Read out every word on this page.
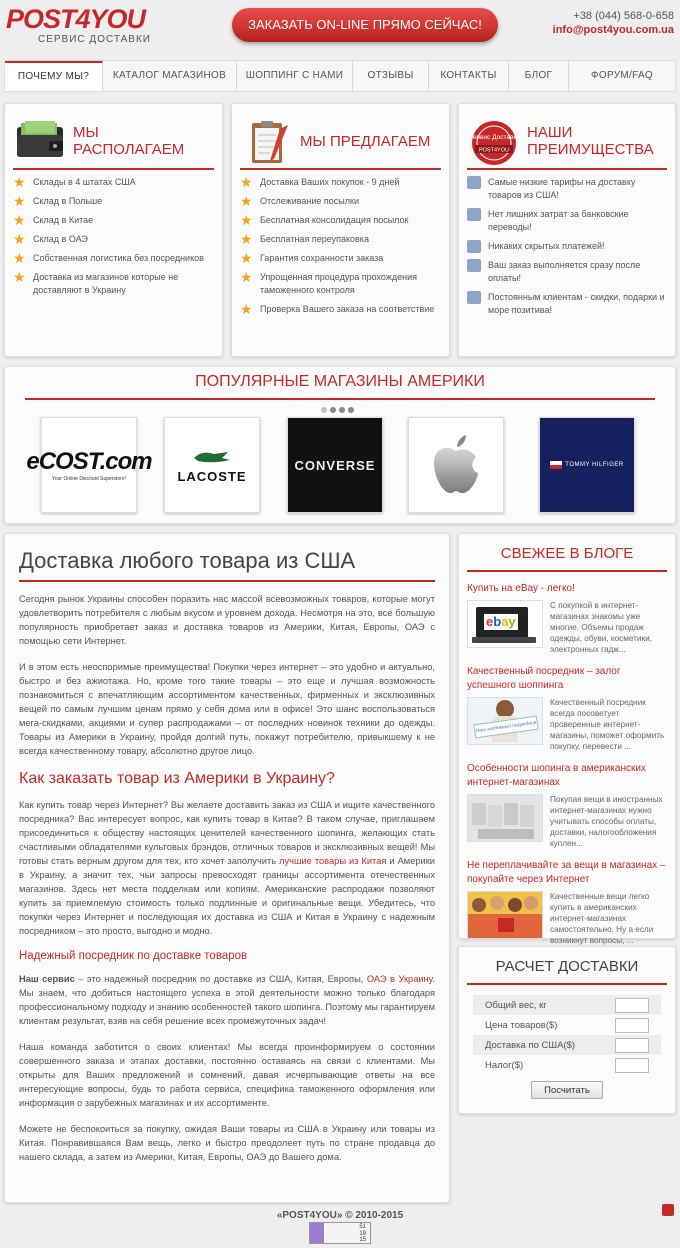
POST4YOU
СЕРВИС ДОСТАВКИ
ЗАКАЗАТЬ ON-LINE ПРЯМО СЕЙЧАС!
+38 (044) 568-0-658
info@post4you.com.ua
ПОЧЕМУ МЫ?	КАТАЛОГ МАГАЗИНОВ	ШОППИНГ С НАМИ	ОТЗЫВЫ	КОНТАКТЫ	БЛОГ	ФОРУМ/FAQ
МЫ РАСПОЛАГАЕМ
★ Склады в 4 штатах США
★ Склад в Польше
★ Склад в Китае
★ Склад в ОАЭ
★ Собственная логистика без посредников
★ Доставка из магазинов которые не доставляют в Украину
МЫ ПРЕДЛАГАЕМ
★ Доставка Ваших покупок - 9 дней
★ Отслеживание посылки
★ Бесплатная консолидация посылок
★ Бесплатная переупаковка
★ Гарантия сохранности заказа
★ Упрощенная процедура прохождения таможенного контроля
★ Проверка Вашего заказа на соответствие
Сервис Доставки
POST4YOU
НАШИ ПРЕИМУЩЕСТВА
Самые низкие тарифы на доставку товаров из США!
Нет лишних затрат за банковские переводы!
Никаких скрытых платежей!
Ваш заказ выполняется сразу после оплаты!
Постоянным клиентам - скидки, подарки и море позитива!
ПОПУЛЯРНЫЕ МАГАЗИНЫ АМЕРИКИ
eCOST.com
Your Online Discount Superstore!	LACOSTE
CONVERSE	TOMMY HILFIGER
Доставка любого товара из США

Сегодня рынок Украины способен поразить нас массой всевозможных товаров, которые могут удовлетворить потребителя с любым вкусом и уровнем дохода. Несмотря на это, все большую популярность приобретает заказ и доставка товаров из Америки, Китая, Европы, ОАЭ с помощью сети Интернет.

И в этом есть неоспоримые преимущества! Покупки через интернет – это удобно и актуально, быстро и без ажиотажа. Но, кроме того такие товары – это еще и лучшая возможность познакомиться с впечатляющим ассортиментом качественных, фирменных и эксклюзивных вещей по самым лучшим ценам прямо у себя дома или в офисе! Это шанс воспользоваться мега-скидками, акциями и супер распродажами – от последних новинок техники до одежды. Товары из Америки в Украину, пройдя долгий путь, покажут потребителю, привыкшему к не всегда качественному товару, абсолютно другое лицо.

Как заказать товар из Америки в Украину?

Как купить товар через Интернет? Вы желаете доставить заказ из США и ищите качественного посредника? Вас интересует вопрос, как купить товар в Китае? В таком случае, приглашаем присоединиться к обществу настоящих ценителей качественного шопинга, желающих стать счастливыми обладателями культовых брэндов, отличных товаров и эксклюзивных вещей! Мы готовы стать верным другом для тех, кто хочет заполучить лучшие товары из Китая и Америки в Украину, а значит тех, чьи запросы превосходят границы ассортимента отечественных магазинов. Здесь нет места подделкам или копиям. Американские распродажи позволяют купить за приемлемую стоимость только подлинные и оригинальные вещи. Убедитесь, что покупки через Интернет и последующая их доставка из США и Китая в Украину с надежным посредником – это просто, выгодно и модно.

Надежный посредник по доставке товаров

Наш сервис – это надежный посредник по доставке из США, Китая, Европы, ОАЭ в Украину. Мы знаем, что добиться настоящего успеха в этой деятельности можно только благодаря профессиональному подходу и знанию особенностей такого шопинга. Поэтому мы гарантируем клиентам результат, взяв на себя решение всех промежуточных задач!

Наша команда заботится о своих клиентах! Мы всегда проинформируем о состоянии совершенного заказа и этапах доставки, постоянно оставаясь на связи с клиентами. Мы открыты для Ваших предложений и сомнений, давая исчерпывающие ответы на все интересующие вопросы, будь то работа сервиса, специфика таможенного оформления или информация о зарубежных магазинах и их ассортименте.

Можете не беспокоиться за покупку, ожидая Ваши товары из США в Украину или товары из Китая. Понравившаяся Вам вещь, легко и быстро преодолеет путь по стране продавца до нашего склада, а затем из Америки, Китая, Европы, ОАЭ до Вашего дома.

СВЕЖЕЕ В БЛОГЕ
Купить на eBay - легко!
ebay
С покупкой в интернет-магазинах знакомы уже многие. Объемы продаж одежды, обуви, косметики, электронных гадж...
Качественный посредник – залог успешного шоппинга
Наш надежный посредник
Качественный посредник всегда посоветует проверенные интернет-магазины, поможет оформить покупку, перевести ...
Особенности шопинга в американских интернет-магазинах
Покупая вещи в иностранных интернет-магазинах нужно учитывать способы оплаты, доставки, налогообложения куплен...
Не переплачивайте за вещи в магазинах – покупайте через Интернет
Качественные вещи легко купить в американских интернет-магазинах самостоятельно. Ну а если возникнут вопросы, ...
РАСЧЕТ ДОСТАВКИ
Общий вес, кг
Цена товаров($)
Доставка по США($)
Налог($)
Посчитать
«POST4YOU» © 2010-2015
51
19
15
